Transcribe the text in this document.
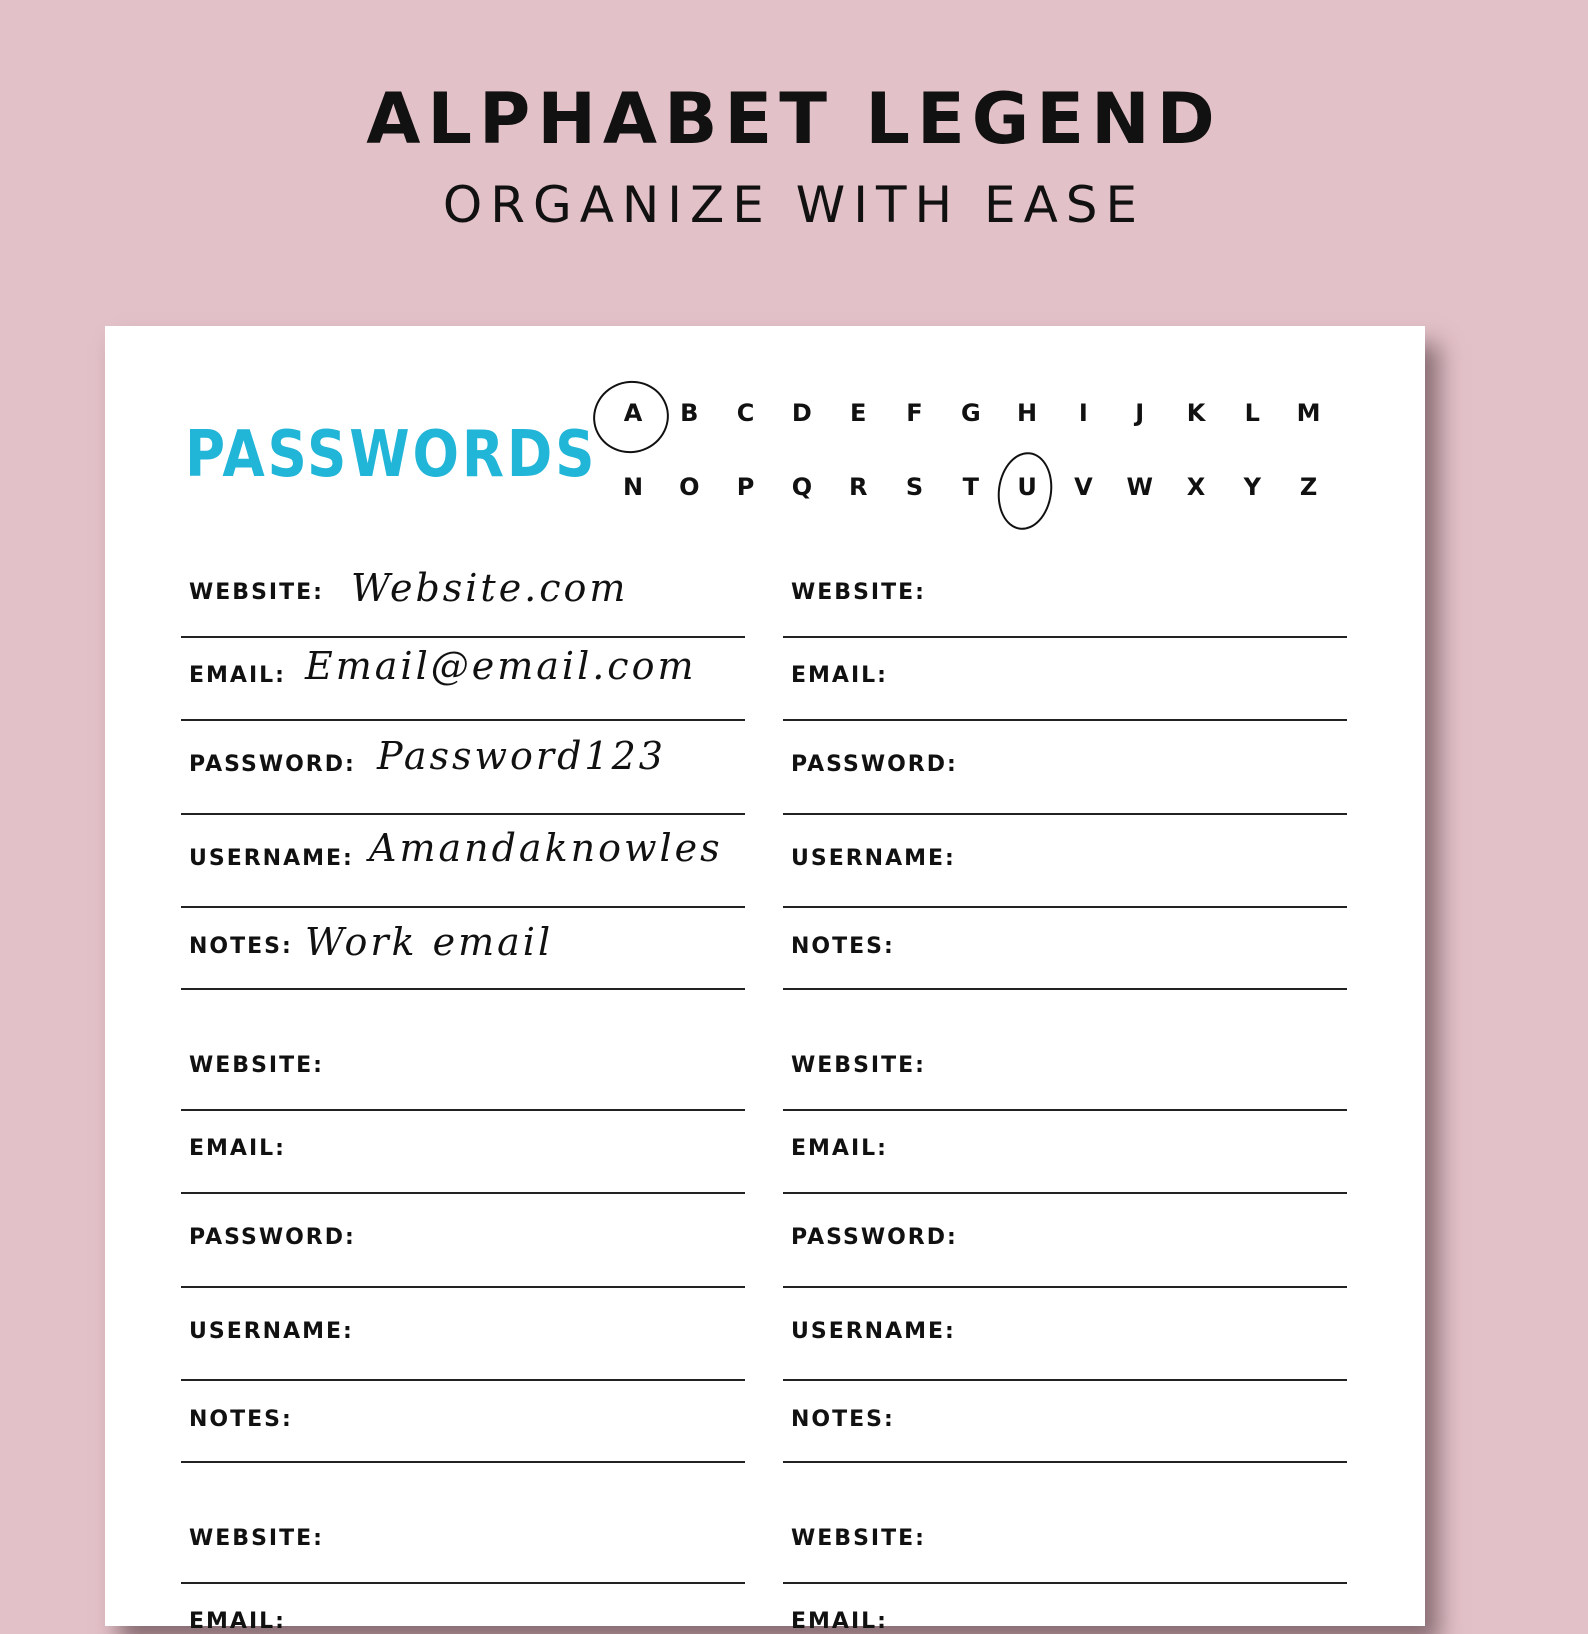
ALPHABET LEGEND
ORGANIZE WITH EASE
PASSWORDS
A	B	C	D	E	F	G	H	I	J	K	L	M
N	O	P	Q	R	S	T	U	V	W	X	Y	Z
WEBSITE: Website.com
EMAIL: Email@email.com
PASSWORD: Password123
USERNAME: Amandaknowles
NOTES: Work email
WEBSITE:
EMAIL:
PASSWORD:
USERNAME:
NOTES:
WEBSITE:
EMAIL:
PASSWORD:
USERNAME:
NOTES:
WEBSITE:
EMAIL:
PASSWORD:
USERNAME:
NOTES:
WEBSITE:
EMAIL:
WEBSITE:
EMAIL:
